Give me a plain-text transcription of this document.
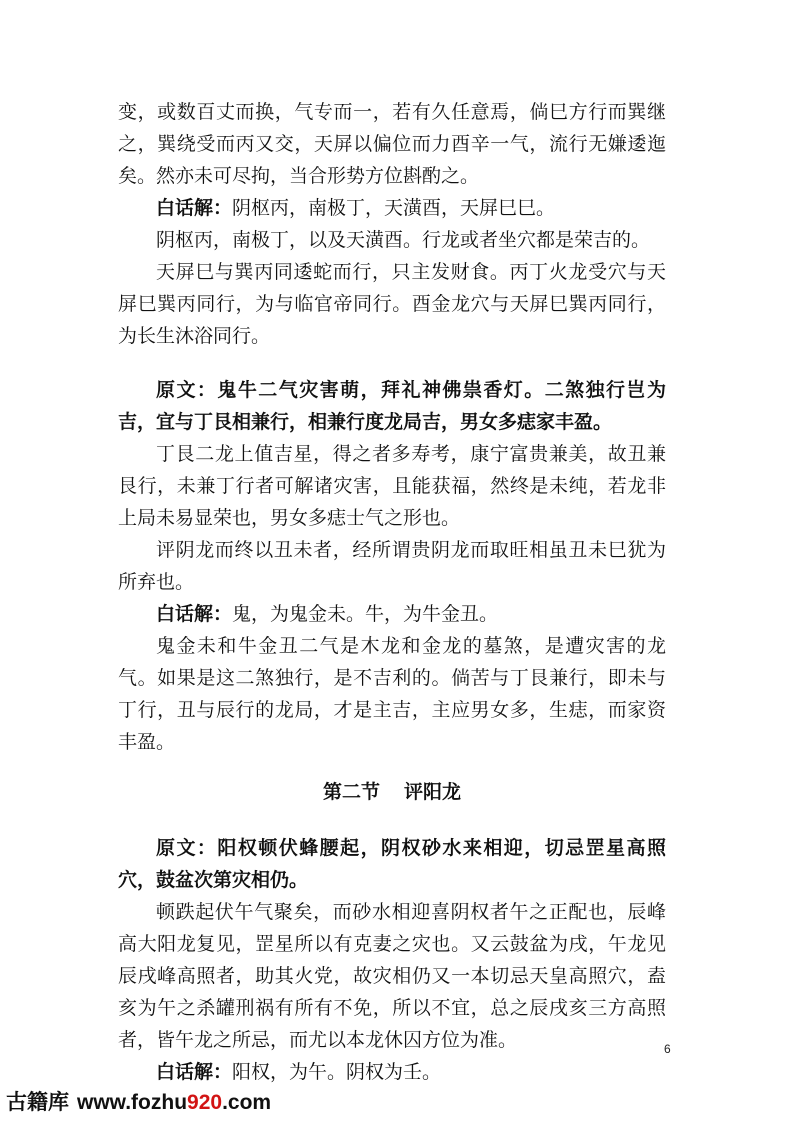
变，或数百丈而换，气专而一，若有久任意焉，倘巳方行而巽继之，巽绕受而丙又交，天屏以偏位而力酉辛一气，流行无嫌逶迤矣。然亦未可尽拘，当合形势方位斟酌之。

白话解：阴枢丙，南极丁，天潢酉，天屏巳巳。

阴枢丙，南极丁，以及天潢酉。行龙或者坐穴都是荣吉的。

天屏巳与巽丙同逶蛇而行，只主发财食。丙丁火龙受穴与天屏巳巽丙同行，为与临官帝同行。酉金龙穴与天屏巳巽丙同行，为长生沐浴同行。

原文：鬼牛二气灾害萌，拜礼神佛祟香灯。二煞独行岂为吉，宜与丁艮相兼行，相兼行度龙局吉，男女多痣家丰盈。

丁艮二龙上值吉星，得之者多寿考，康宁富贵兼美，故丑兼艮行，未兼丁行者可解诸灾害，且能获福，然终是未纯，若龙非上局未易显荣也，男女多痣士气之形也。

评阴龙而终以丑未者，经所谓贵阴龙而取旺相虽丑未巳犹为所弃也。

白话解：鬼，为鬼金未。牛，为牛金丑。

鬼金未和牛金丑二气是木龙和金龙的墓煞，是遭灾害的龙气。如果是这二煞独行，是不吉利的。倘苦与丁艮兼行，即未与丁行，丑与辰行的龙局，才是主吉，主应男女多，生痣，而家资丰盈。

第二节 评阳龙

原文：阳权顿伏蜂腰起，阴权砂水来相迎，切忌罡星高照穴，鼓盆次第灾相仍。

顿跌起伏午气聚矣，而砂水相迎喜阴权者午之正配也，辰峰高大阳龙复见，罡星所以有克妻之灾也。又云鼓盆为戌，午龙见辰戌峰高照者，助其火党，故灾相仍又一本切忌天皇高照穴，盍亥为午之杀罐刑祸有所有不免，所以不宜，总之辰戌亥三方高照者，皆午龙之所忌，而尤以本龙休囚方位为准。

白话解：阳权，为午。阴权为壬。

6
古籍库 www.fozhu920.com
